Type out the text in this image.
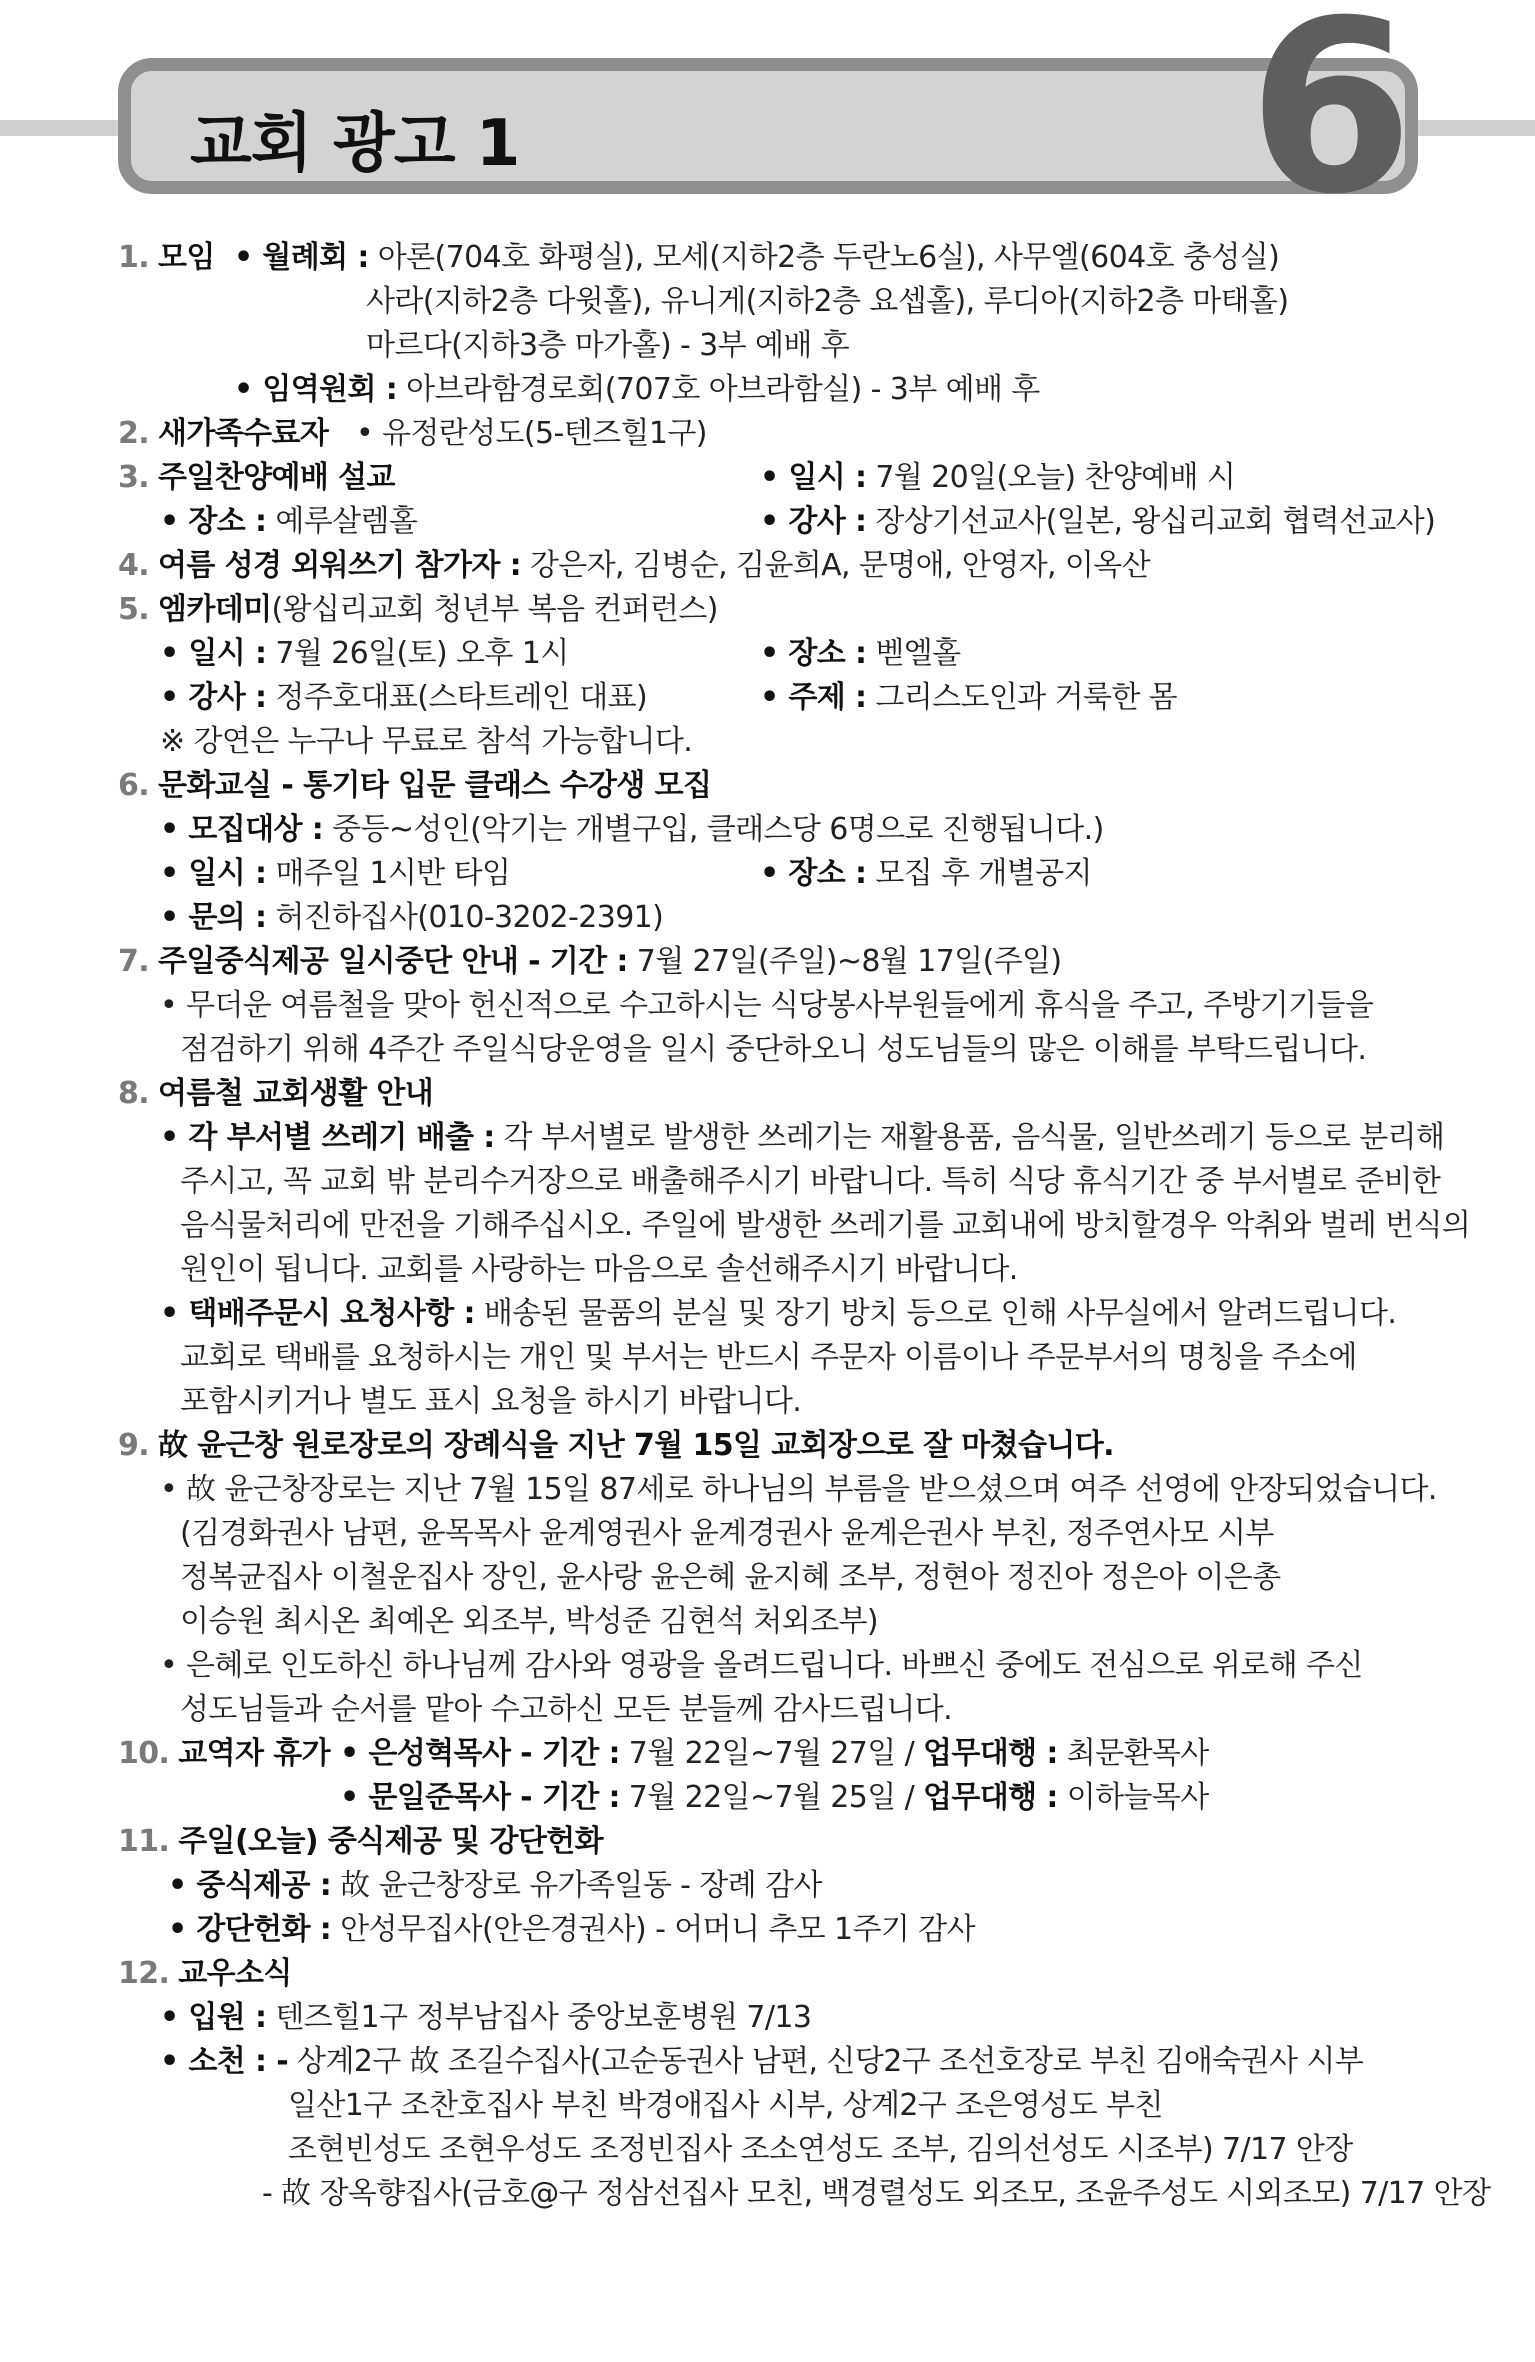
교회 광고 1	6
1. 모임 • 월례회 : 아론(704호 화평실), 모세(지하2층 두란노6실), 사무엘(604호 충성실)
사라(지하2층 다윗홀), 유니게(지하2층 요셉홀), 루디아(지하2층 마태홀)
마르다(지하3층 마가홀) - 3부 예배 후
• 임역원회 : 아브라함경로회(707호 아브라함실) - 3부 예배 후
2. 새가족수료자 • 유정란성도(5-텐즈힐1구)
3. 주일찬양예배 설교	• 일시 : 7월 20일(오늘) 찬양예배 시
• 장소 : 예루살렘홀	• 강사 : 장상기선교사(일본, 왕십리교회 협력선교사)
4. 여름 성경 외워쓰기 참가자 : 강은자, 김병순, 김윤희A, 문명애, 안영자, 이옥산
5. 엠카데미(왕십리교회 청년부 복음 컨퍼런스)
• 일시 : 7월 26일(토) 오후 1시	• 장소 : 벧엘홀
• 강사 : 정주호대표(스타트레인 대표)	• 주제 : 그리스도인과 거룩한 몸
※ 강연은 누구나 무료로 참석 가능합니다.
6. 문화교실 - 통기타 입문 클래스 수강생 모집
• 모집대상 : 중등~성인(악기는 개별구입, 클래스당 6명으로 진행됩니다.)
• 일시 : 매주일 1시반 타임	• 장소 : 모집 후 개별공지
• 문의 : 허진하집사(010-3202-2391)
7. 주일중식제공 일시중단 안내 - 기간 : 7월 27일(주일)~8월 17일(주일)
• 무더운 여름철을 맞아 헌신적으로 수고하시는 식당봉사부원들에게 휴식을 주고, 주방기기들을
점검하기 위해 4주간 주일식당운영을 일시 중단하오니 성도님들의 많은 이해를 부탁드립니다.
8. 여름철 교회생활 안내
• 각 부서별 쓰레기 배출 : 각 부서별로 발생한 쓰레기는 재활용품, 음식물, 일반쓰레기 등으로 분리해
주시고, 꼭 교회 밖 분리수거장으로 배출해주시기 바랍니다. 특히 식당 휴식기간 중 부서별로 준비한
음식물처리에 만전을 기해주십시오. 주일에 발생한 쓰레기를 교회내에 방치할경우 악취와 벌레 번식의
원인이 됩니다. 교회를 사랑하는 마음으로 솔선해주시기 바랍니다.
• 택배주문시 요청사항 : 배송된 물품의 분실 및 장기 방치 등으로 인해 사무실에서 알려드립니다.
교회로 택배를 요청하시는 개인 및 부서는 반드시 주문자 이름이나 주문부서의 명칭을 주소에
포함시키거나 별도 표시 요청을 하시기 바랍니다.
9. 故 윤근창 원로장로의 장례식을 지난 7월 15일 교회장으로 잘 마쳤습니다.
• 故 윤근창장로는 지난 7월 15일 87세로 하나님의 부름을 받으셨으며 여주 선영에 안장되었습니다.
(김경화권사 남편, 윤목목사 윤계영권사 윤계경권사 윤계은권사 부친, 정주연사모 시부
정복균집사 이철운집사 장인, 윤사랑 윤은혜 윤지혜 조부, 정현아 정진아 정은아 이은총
이승원 최시온 최예온 외조부, 박성준 김현석 처외조부)
• 은혜로 인도하신 하나님께 감사와 영광을 올려드립니다. 바쁘신 중에도 전심으로 위로해 주신
성도님들과 순서를 맡아 수고하신 모든 분들께 감사드립니다.
10. 교역자 휴가 • 은성혁목사 - 기간 : 7월 22일~7월 27일 / 업무대행 : 최문환목사
• 문일준목사 - 기간 : 7월 22일~7월 25일 / 업무대행 : 이하늘목사
11. 주일(오늘) 중식제공 및 강단헌화
• 중식제공 : 故 윤근창장로 유가족일동 - 장례 감사
• 강단헌화 : 안성무집사(안은경권사) - 어머니 추모 1주기 감사
12. 교우소식
• 입원 : 텐즈힐1구 정부남집사 중앙보훈병원 7/13
• 소천 : - 상계2구 故 조길수집사(고순동권사 남편, 신당2구 조선호장로 부친 김애숙권사 시부
일산1구 조찬호집사 부친 박경애집사 시부, 상계2구 조은영성도 부친
조현빈성도 조현우성도 조정빈집사 조소연성도 조부, 김의선성도 시조부) 7/17 안장
- 故 장옥향집사(금호@구 정삼선집사 모친, 백경렬성도 외조모, 조윤주성도 시외조모) 7/17 안장
